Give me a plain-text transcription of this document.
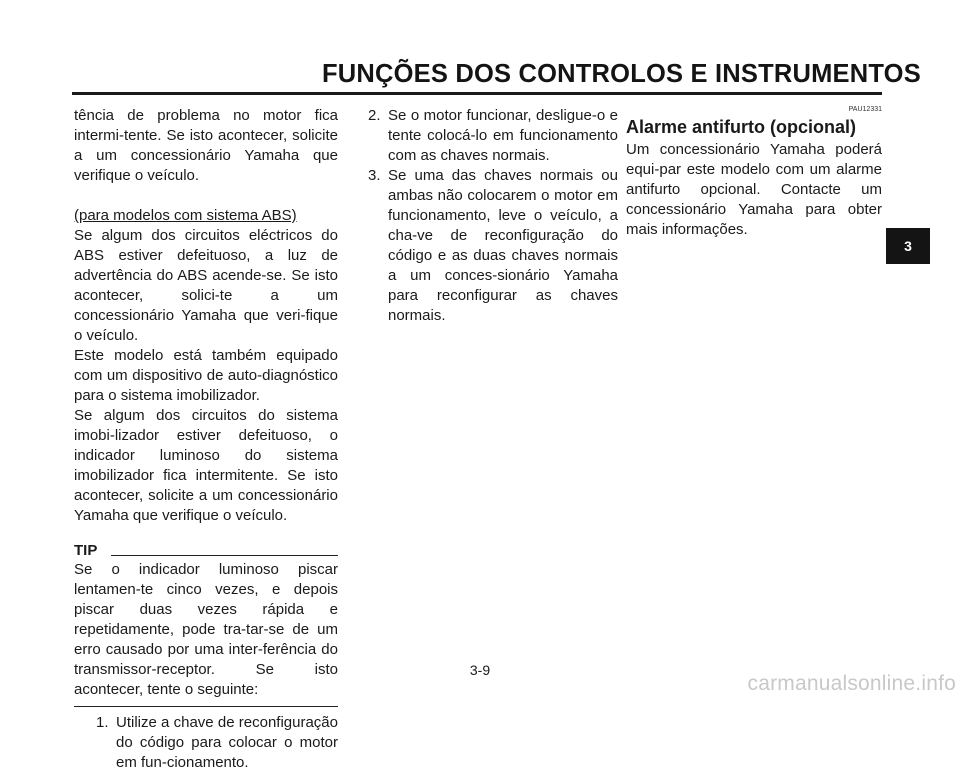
FUNÇÕES DOS CONTROLOS E INSTRUMENTOS

tência de problema no motor fica intermi-tente. Se isto acontecer, solicite a um concessionário Yamaha que verifique o veículo.

(para modelos com sistema ABS)

Se algum dos circuitos eléctricos do ABS estiver defeituoso, a luz de advertência do ABS acende-se. Se isto acontecer, solici-te a um concessionário Yamaha que veri-fique o veículo.

Este modelo está também equipado com um dispositivo de auto-diagnóstico para o sistema imobilizador.

Se algum dos circuitos do sistema imobi-lizador estiver defeituoso, o indicador luminoso do sistema imobilizador fica intermitente. Se isto acontecer, solicite a um concessionário Yamaha que verifique o veículo.

TIP

Se o indicador luminoso piscar lentamen-te cinco vezes, e depois piscar duas vezes rápida e repetidamente, pode tra-tar-se de um erro causado por uma inter-ferência do transmissor-receptor. Se isto acontecer, tente o seguinte:

1. Utilize a chave de reconfiguração do código para colocar o motor em fun-cionamento.
2. Se o motor funcionar, desligue-o e tente colocá-lo em funcionamento com as chaves normais.
3. Se uma das chaves normais ou ambas não colocarem o motor em funcionamento, leve o veículo, a cha-ve de reconfiguração do código e as duas chaves normais a um conces-sionário Yamaha para reconfigurar as chaves normais.
PAU12331
Alarme antifurto (opcional)

Um concessionário Yamaha poderá equi-par este modelo com um alarme antifurto opcional. Contacte um concessionário Yamaha para obter mais informações.

3
3-9
carmanualsonline.info
